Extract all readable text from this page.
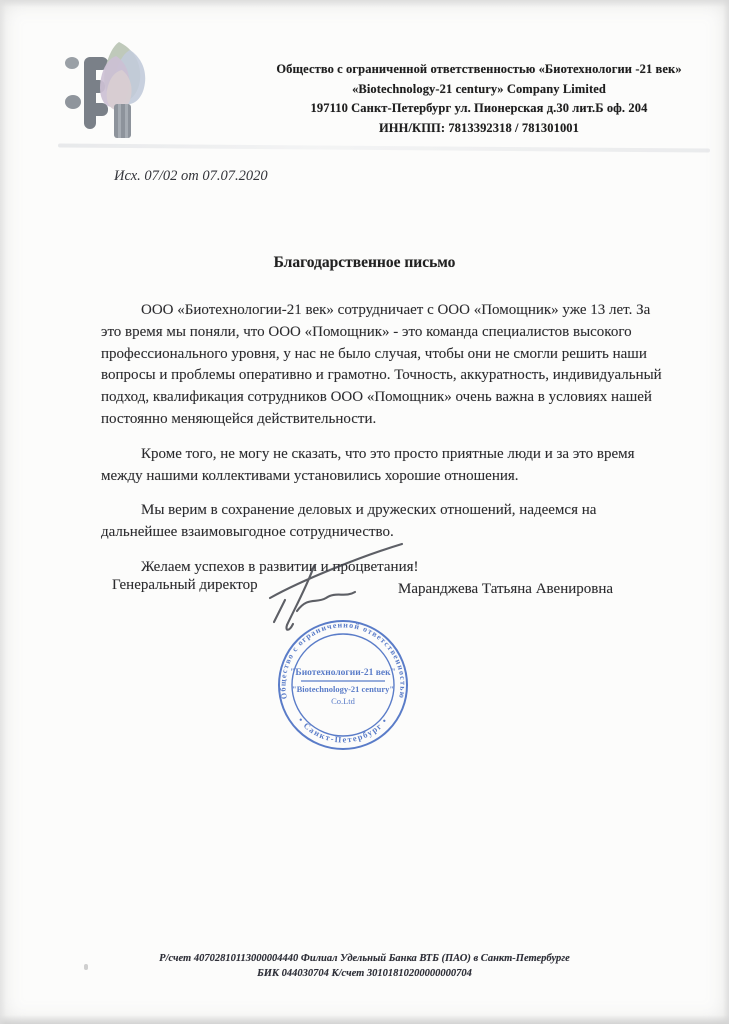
Общество с ограниченной ответственностью «Биотехнологии -21 век»
«Biotechnology-21 century» Company Limited
197110 Санкт-Петербург ул. Пионерская д.30 лит.Б оф. 204
ИНН/КПП: 7813392318 / 781301001
Исх. 07/02 от 07.07.2020
Благодарственное письмо

ООО «Биотехнологии-21 век» сотрудничает с ООО «Помощник» уже 13 лет. За это время мы поняли, что ООО «Помощник» - это команда специалистов высокого профессионального уровня, у нас не было случая, чтобы они не смогли решить наши вопросы и проблемы оперативно и грамотно. Точность, аккуратность, индивидуальный подход, квалификация сотрудников ООО «Помощник» очень важна в условиях нашей постоянно меняющейся действительности.

Кроме того, не могу не сказать, что это просто приятные люди и за это время между нашими коллективами установились хорошие отношения.

Мы верим в сохранение деловых и дружеских отношений, надеемся на дальнейшее взаимовыгодное сотрудничество.

Желаем успехов в развитии и процветания!

Генеральный директор	Маранджева Татьяна Авенировна
Общество с ограниченной ответственностью
• Санкт-Петербург •
"Биотехнологии-21 век"
"Biotechnology-21 century"
Co.Ltd
Р/счет 40702810113000004440 Филиал Удельный Банка ВТБ (ПАО) в Санкт-Петербурге
БИК 044030704 К/счет 30101810200000000704
